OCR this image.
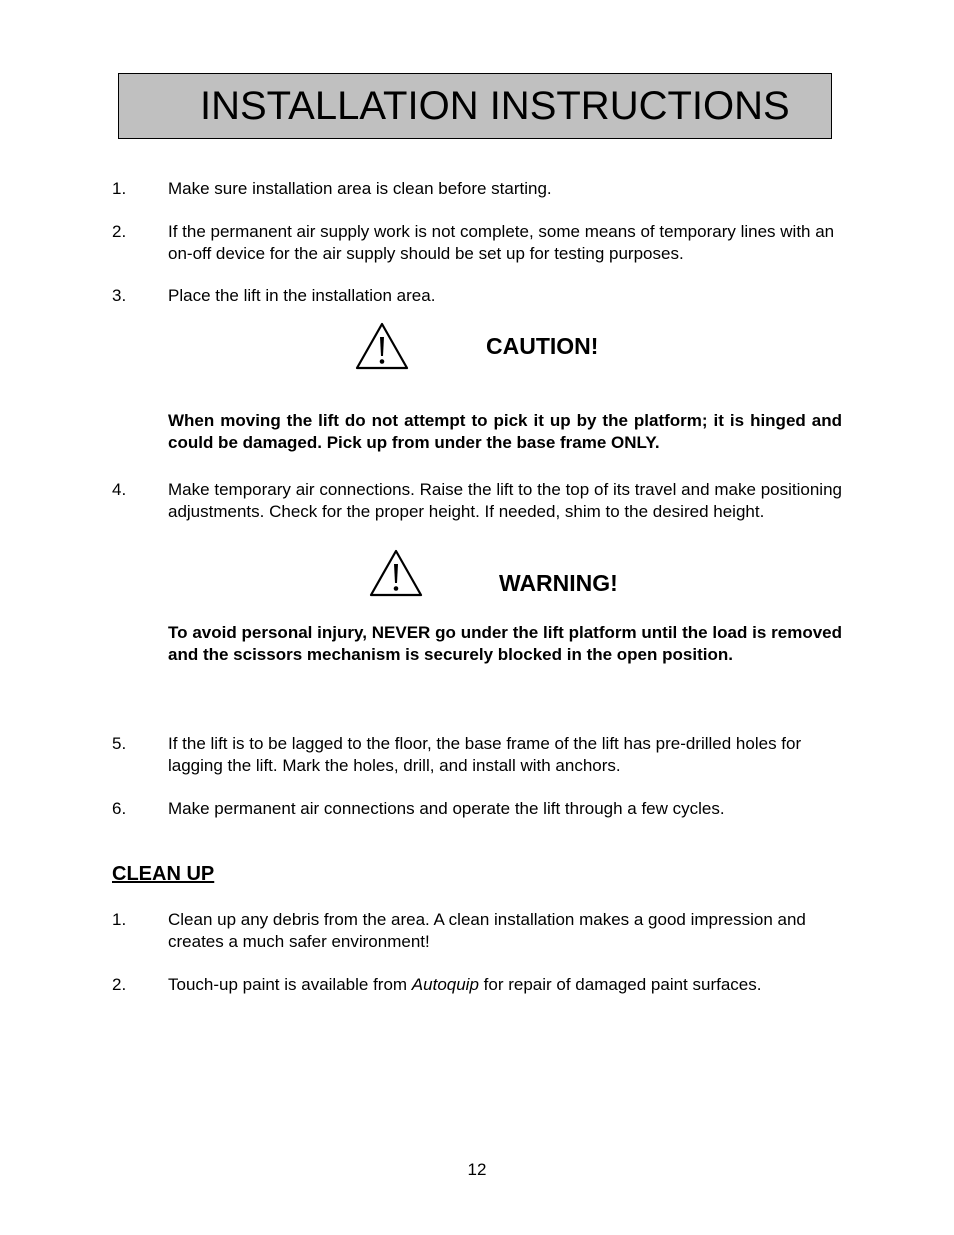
INSTALLATION INSTRUCTIONS
1. Make sure installation area is clean before starting.
2. If the permanent air supply work is not complete, some means of temporary lines with an on-off device for the air supply should be set up for testing purposes.
3. Place the lift in the installation area.
CAUTION!
When moving the lift do not attempt to pick it up by the platform; it is hinged and could be damaged. Pick up from under the base frame ONLY.
4. Make temporary air connections. Raise the lift to the top of its travel and make positioning adjustments. Check for the proper height. If needed, shim to the desired height.
WARNING!
To avoid personal injury, NEVER go under the lift platform until the load is removed and the scissors mechanism is securely blocked in the open position.
5. If the lift is to be lagged to the floor, the base frame of the lift has pre-drilled holes for lagging the lift. Mark the holes, drill, and install with anchors.
6. Make permanent air connections and operate the lift through a few cycles.
CLEAN UP
1. Clean up any debris from the area. A clean installation makes a good impression and creates a much safer environment!
2. Touch-up paint is available from Autoquip for repair of damaged paint surfaces.
12
